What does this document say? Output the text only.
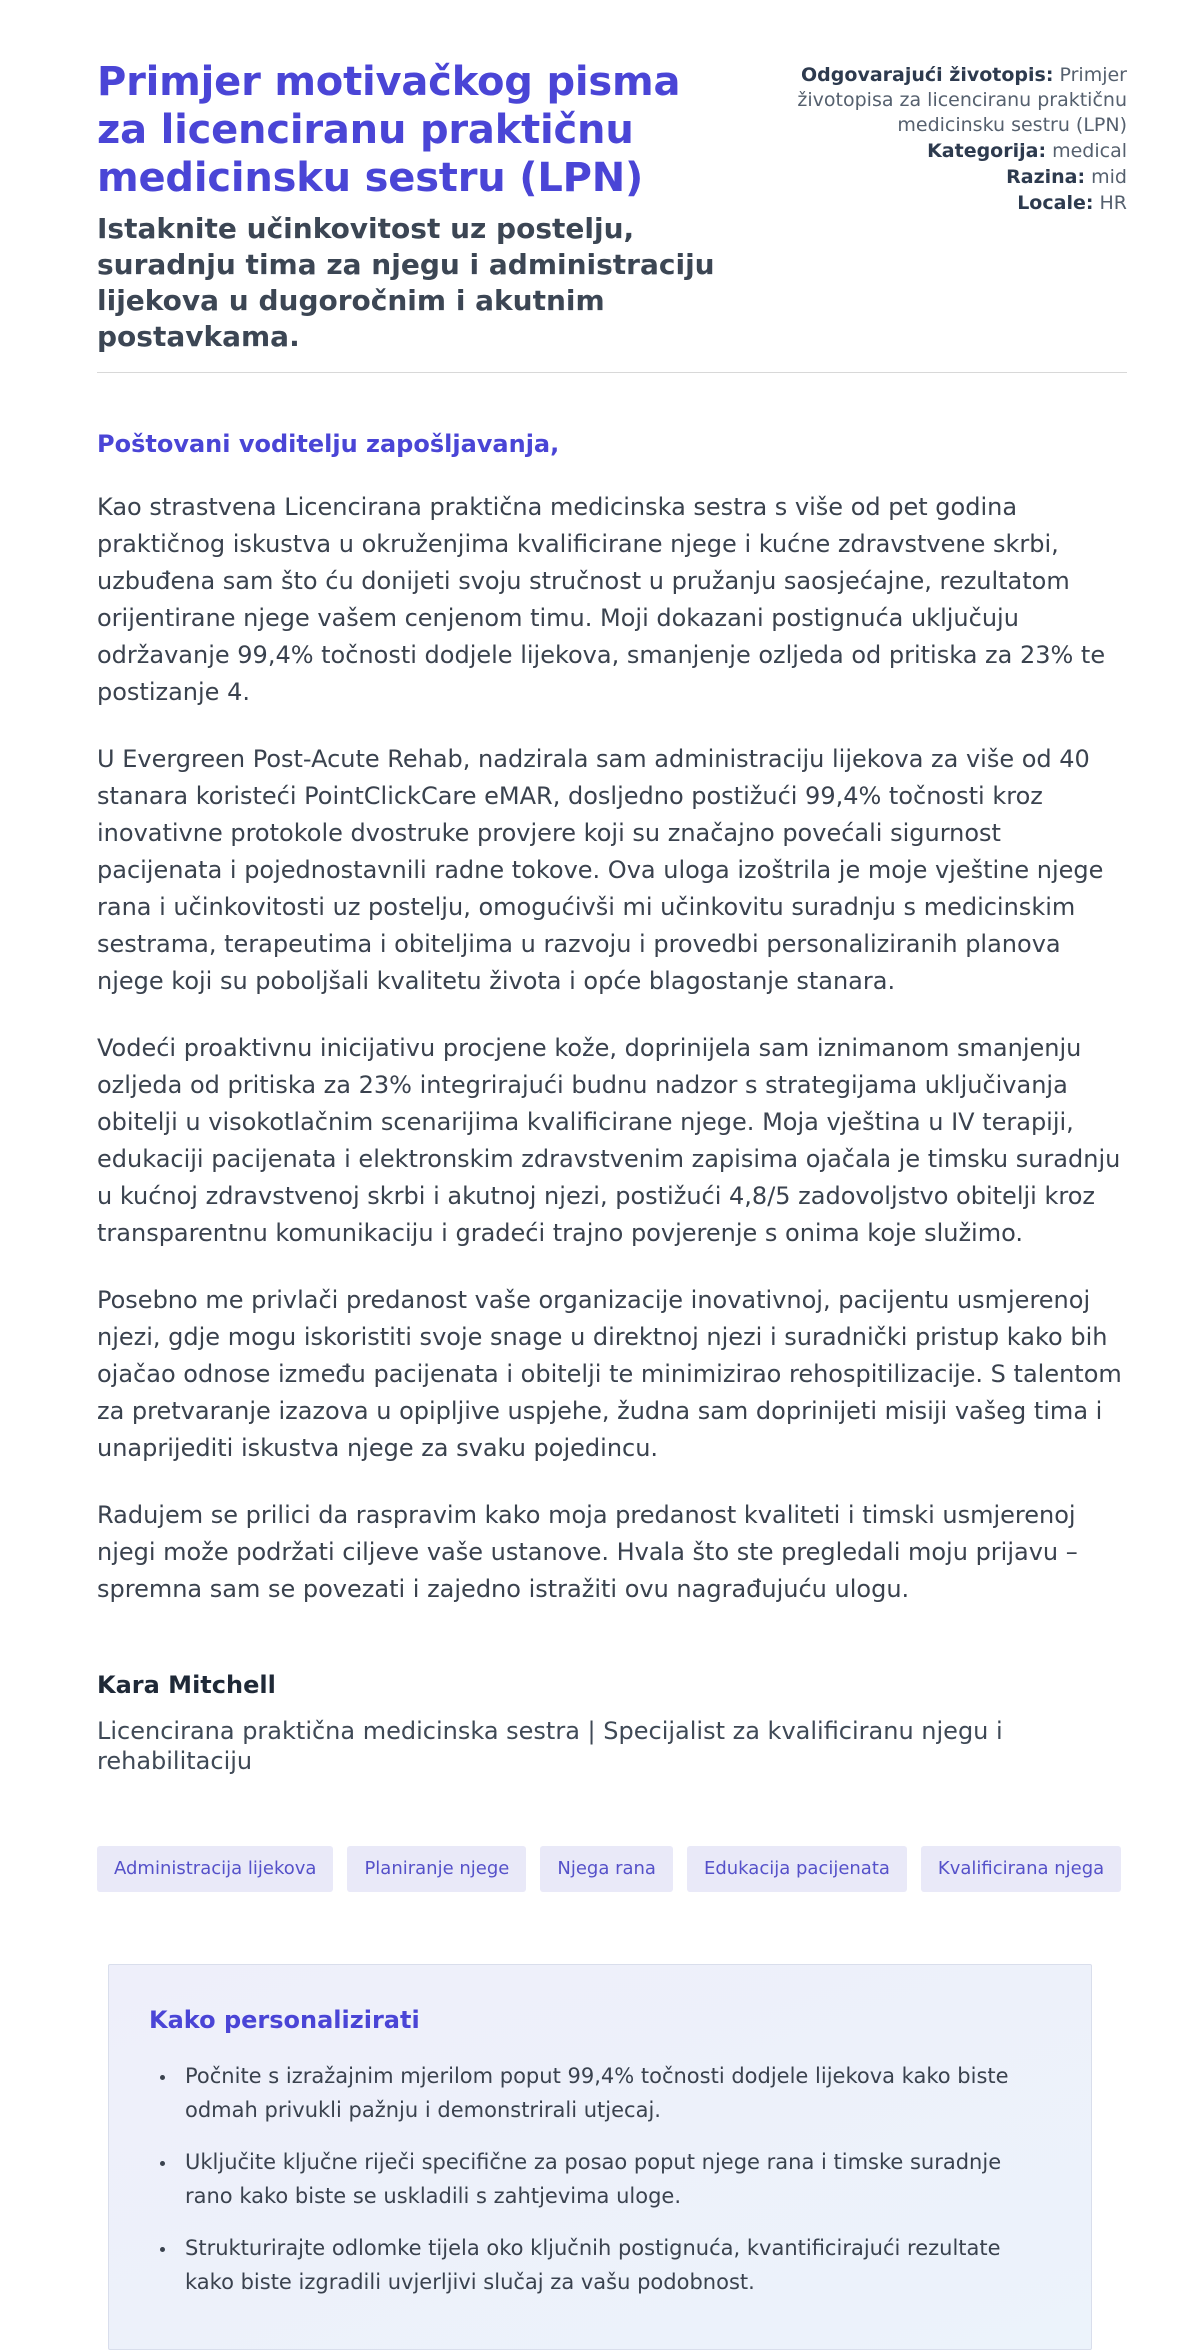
Primjer motivačkog pisma za licenciranu praktičnu medicinsku sestru (LPN)
Istaknite učinkovitost uz postelju, suradnju tima za njegu i administraciju lijekova u dugoročnim i akutnim postavkama.
Odgovarajući životopis: Primjer životopisa za licenciranu praktičnu medicinsku sestru (LPN)
Kategorija: medical
Razina: mid
Locale: HR
Poštovani voditelju zapošljavanja,

Kao strastvena Licencirana praktična medicinska sestra s više od pet godina praktičnog iskustva u okruženjima kvalificirane njege i kućne zdravstvene skrbi, uzbuđena sam što ću donijeti svoju stručnost u pružanju saosjećajne, rezultatom orijentirane njege vašem cenjenom timu. Moji dokazani postignuća uključuju održavanje 99,4% točnosti dodjele lijekova, smanjenje ozljeda od pritiska za 23% te postizanje 4.

U Evergreen Post-Acute Rehab, nadzirala sam administraciju lijekova za više od 40 stanara koristeći PointClickCare eMAR, dosljedno postižući 99,4% točnosti kroz inovativne protokole dvostruke provjere koji su značajno povećali sigurnost pacijenata i pojednostavnili radne tokove. Ova uloga izoštrila je moje vještine njege rana i učinkovitosti uz postelju, omogućivši mi učinkovitu suradnju s medicinskim sestrama, terapeutima i obiteljima u razvoju i provedbi personaliziranih planova njege koji su poboljšali kvalitetu života i opće blagostanje stanara.

Vodeći proaktivnu inicijativu procjene kože, doprinijela sam iznimanom smanjenju ozljeda od pritiska za 23% integrirajući budnu nadzor s strategijama uključivanja obitelji u visokotlačnim scenarijima kvalificirane njege. Moja vještina u IV terapiji, edukaciji pacijenata i elektronskim zdravstvenim zapisima ojačala je timsku suradnju u kućnoj zdravstvenoj skrbi i akutnoj njezi, postižući 4,8/5 zadovoljstvo obitelji kroz transparentnu komunikaciju i gradeći trajno povjerenje s onima koje služimo.

Posebno me privlači predanost vaše organizacije inovativnoj, pacijentu usmjerenoj njezi, gdje mogu iskoristiti svoje snage u direktnoj njezi i suradnički pristup kako bih ojačao odnose između pacijenata i obitelji te minimizirao rehospitilizacije. S talentom za pretvaranje izazova u opipljive uspjehe, žudna sam doprinijeti misiji vašeg tima i unaprijediti iskustva njege za svaku pojedincu.

Radujem se prilici da raspravim kako moja predanost kvaliteti i timski usmjerenoj njegi može podržati ciljeve vaše ustanove. Hvala što ste pregledali moju prijavu – spremna sam se povezati i zajedno istražiti ovu nagrađujuću ulogu.

Kara Mitchell
Licencirana praktična medicinska sestra | Specijalist za kvalificiranu njegu i rehabilitaciju
Administracija lijekova	Planiranje njege	Njega rana	Edukacija pacijenata	Kvalificirana njega
Kako personalizirati
• Počnite s izražajnim mjerilom poput 99,4% točnosti dodjele lijekova kako biste odmah privukli pažnju i demonstrirali utjecaj.
• Uključite ključne riječi specifične za posao poput njege rana i timske suradnje rano kako biste se uskladili s zahtjevima uloge.
• Strukturirajte odlomke tijela oko ključnih postignuća, kvantificirajući rezultate kako biste izgradili uvjerljivi slučaj za vašu podobnost.
